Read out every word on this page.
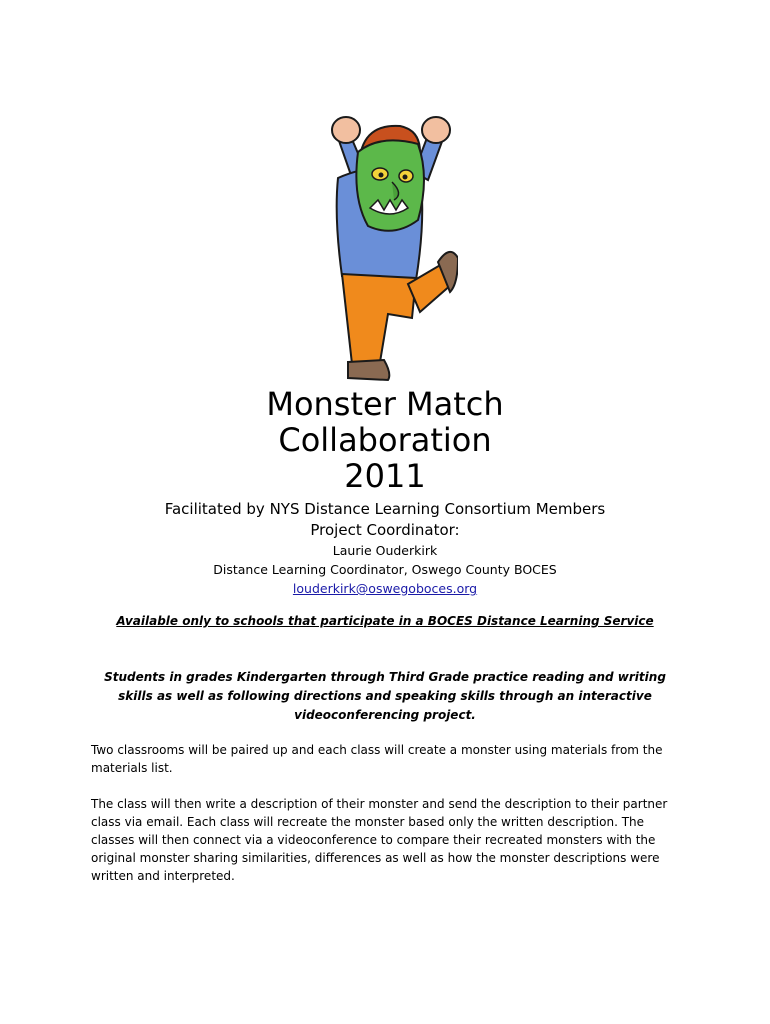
Monster Match
Collaboration
2011
Facilitated by NYS Distance Learning Consortium Members
Project Coordinator:
Laurie Ouderkirk
Distance Learning Coordinator, Oswego County BOCES
louderkirk@oswegoboces.org
Available only to schools that participate in a BOCES Distance Learning Service
Students in grades Kindergarten through Third Grade practice reading and writing skills as well as following directions and speaking skills through an interactive videoconferencing project.
Two classrooms will be paired up and each class will create a monster using materials from the materials list.
The class will then write a description of their monster and send the description to their partner class via email. Each class will recreate the monster based only the written description. The classes will then connect via a videoconference to compare their recreated monsters with the original monster sharing similarities, differences as well as how the monster descriptions were written and interpreted.
